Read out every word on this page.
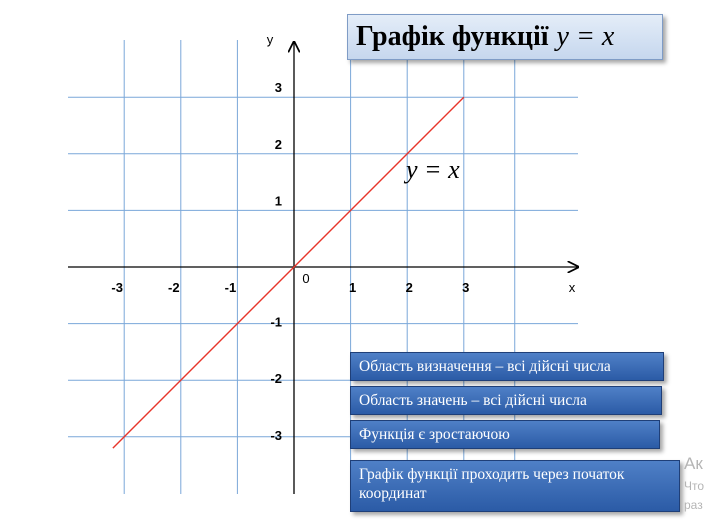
-3	-2	-1	1	2	3
3
2
1
-1
-2
-3
0
x
y
y = x
Графік функції y = x
Область визначення – всі дійсні числа
Область значень – всі дійсні числа
Функція є зростаючою
Графік функції проходить через початок координат
Ак
Что
раз
